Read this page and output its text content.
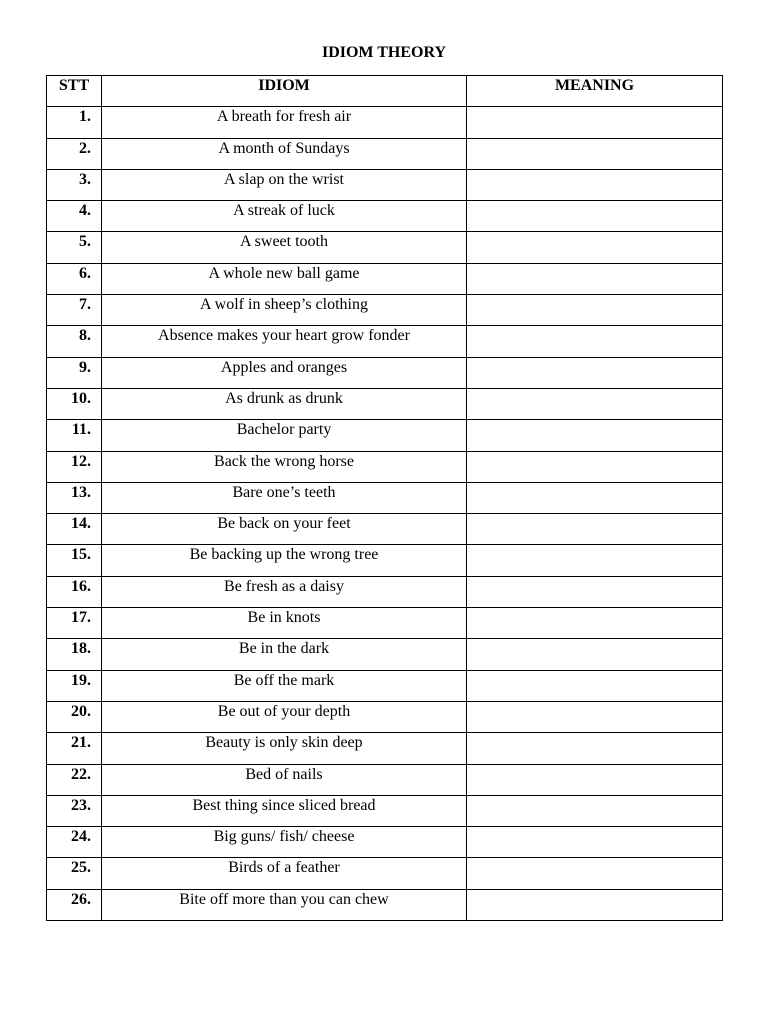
IDIOM THEORY
STT	IDIOM	MEANING
1.	A breath for fresh air	
2.	A month of Sundays	
3.	A slap on the wrist	
4.	A streak of luck	
5.	A sweet tooth	
6.	A whole new ball game	
7.	A wolf in sheep’s clothing	
8.	Absence makes your heart grow fonder	
9.	Apples and oranges	
10.	As drunk as drunk	
11.	Bachelor party	
12.	Back the wrong horse	
13.	Bare one’s teeth	
14.	Be back on your feet	
15.	Be backing up the wrong tree	
16.	Be fresh as a daisy	
17.	Be in knots	
18.	Be in the dark	
19.	Be off the mark	
20.	Be out of your depth	
21.	Beauty is only skin deep	
22.	Bed of nails	
23.	Best thing since sliced bread	
24.	Big guns/ fish/ cheese	
25.	Birds of a feather	
26.	Bite off more than you can chew	
